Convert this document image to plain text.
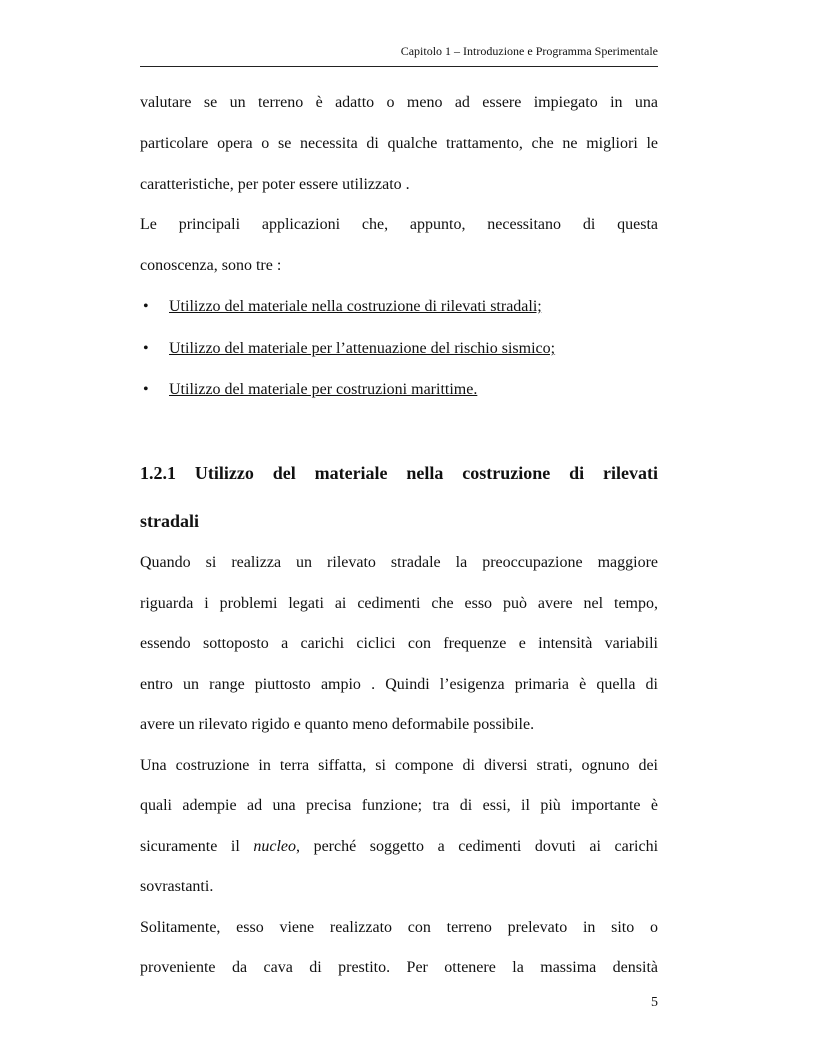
Capitolo 1 – Introduzione e Programma Sperimentale
valutare se un terreno è adatto o meno ad essere impiegato in una
particolare opera o se necessita di qualche trattamento, che ne migliori le
caratteristiche, per poter essere utilizzato .
Le principali applicazioni che, appunto, necessitano di questa
conoscenza, sono tre :
• Utilizzo del materiale nella costruzione di rilevati stradali;
• Utilizzo del materiale per l’attenuazione del rischio sismico;
• Utilizzo del materiale per costruzioni marittime.
1.2.1 Utilizzo del materiale nella costruzione di rilevati
stradali
Quando si realizza un rilevato stradale la preoccupazione maggiore
riguarda i problemi legati ai cedimenti che esso può avere nel tempo,
essendo sottoposto a carichi ciclici con frequenze e intensità variabili
entro un range piuttosto ampio . Quindi l’esigenza primaria è quella di
avere un rilevato rigido e quanto meno deformabile possibile.
Una costruzione in terra siffatta, si compone di diversi strati, ognuno dei
quali adempie ad una precisa funzione; tra di essi, il più importante è
sicuramente il nucleo, perché soggetto a cedimenti dovuti ai carichi
sovrastanti.
Solitamente, esso viene realizzato con terreno prelevato in sito o
proveniente da cava di prestito. Per ottenere la massima densità
5
